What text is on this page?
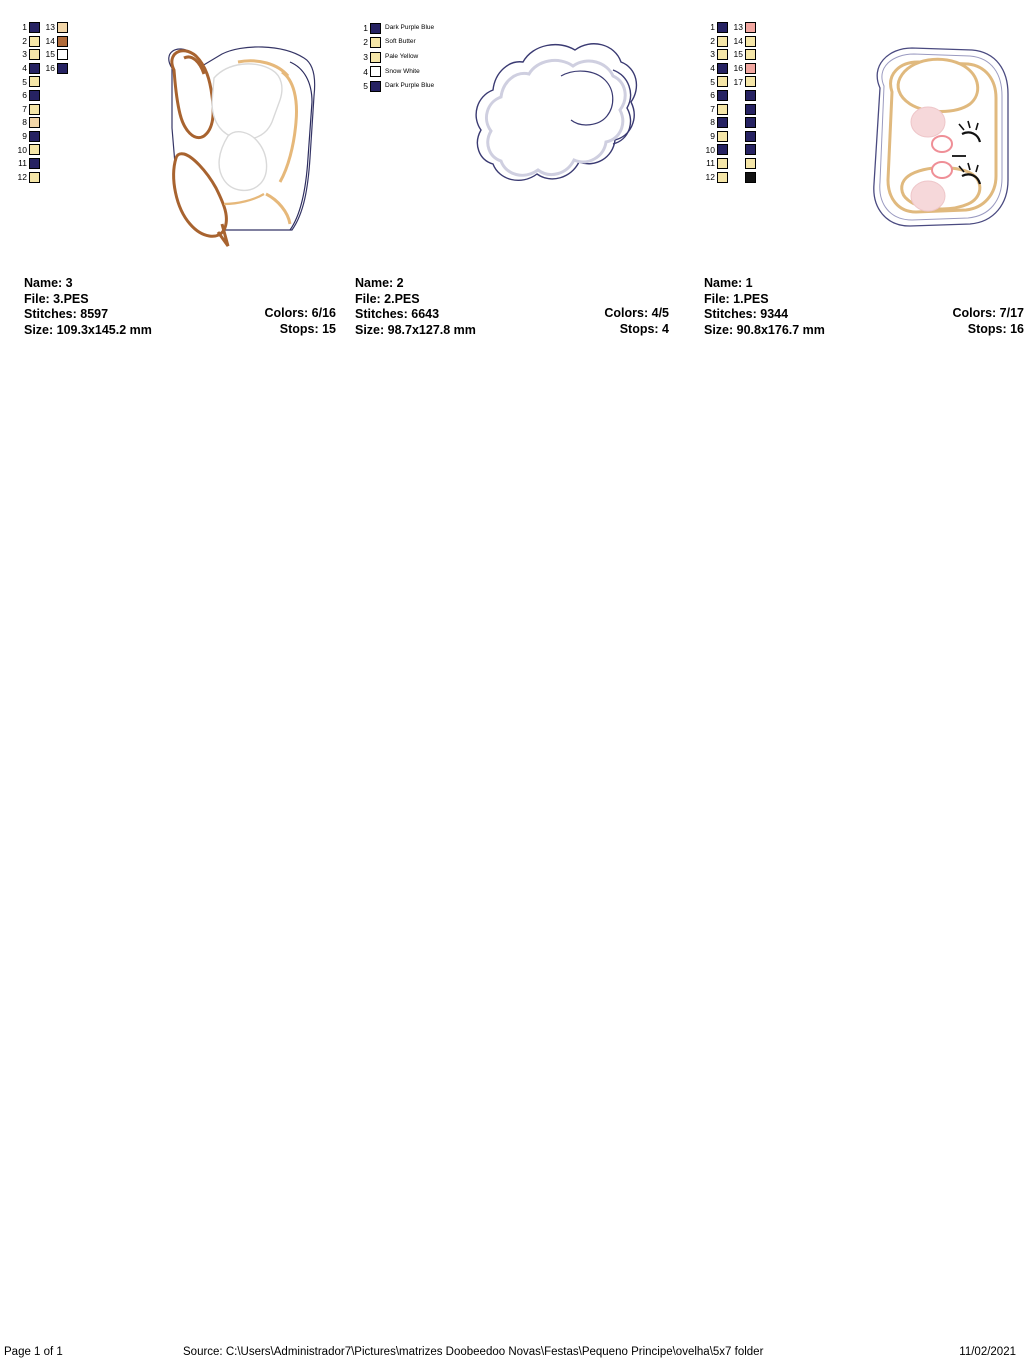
1
2
3
4
5
6
7
8
9
10
11
12
13
14
15
16
Name: 3
File: 3.PES
Stitches: 8597
Size: 109.3x145.2 mm
Colors: 6/16
Stops: 15
1	Dark Purple Blue
2	Soft Butter
3	Pale Yellow
4	Snow White
5	Dark Purple Blue
Name: 2
File: 2.PES
Stitches: 6643
Size: 98.7x127.8 mm
Colors: 4/5
Stops: 4
1
2
3
4
5
6
7
8
9
10
11
12
13
14
15
16
17
Name: 1
File: 1.PES
Stitches: 9344
Size: 90.8x176.7 mm
Colors: 7/17
Stops: 16
Page 1 of 1	Source: C:\Users\Administrador7\Pictures\matrizes Doobeedoo Novas\Festas\Pequeno Principe\ovelha\5x7 folder	11/02/2021
